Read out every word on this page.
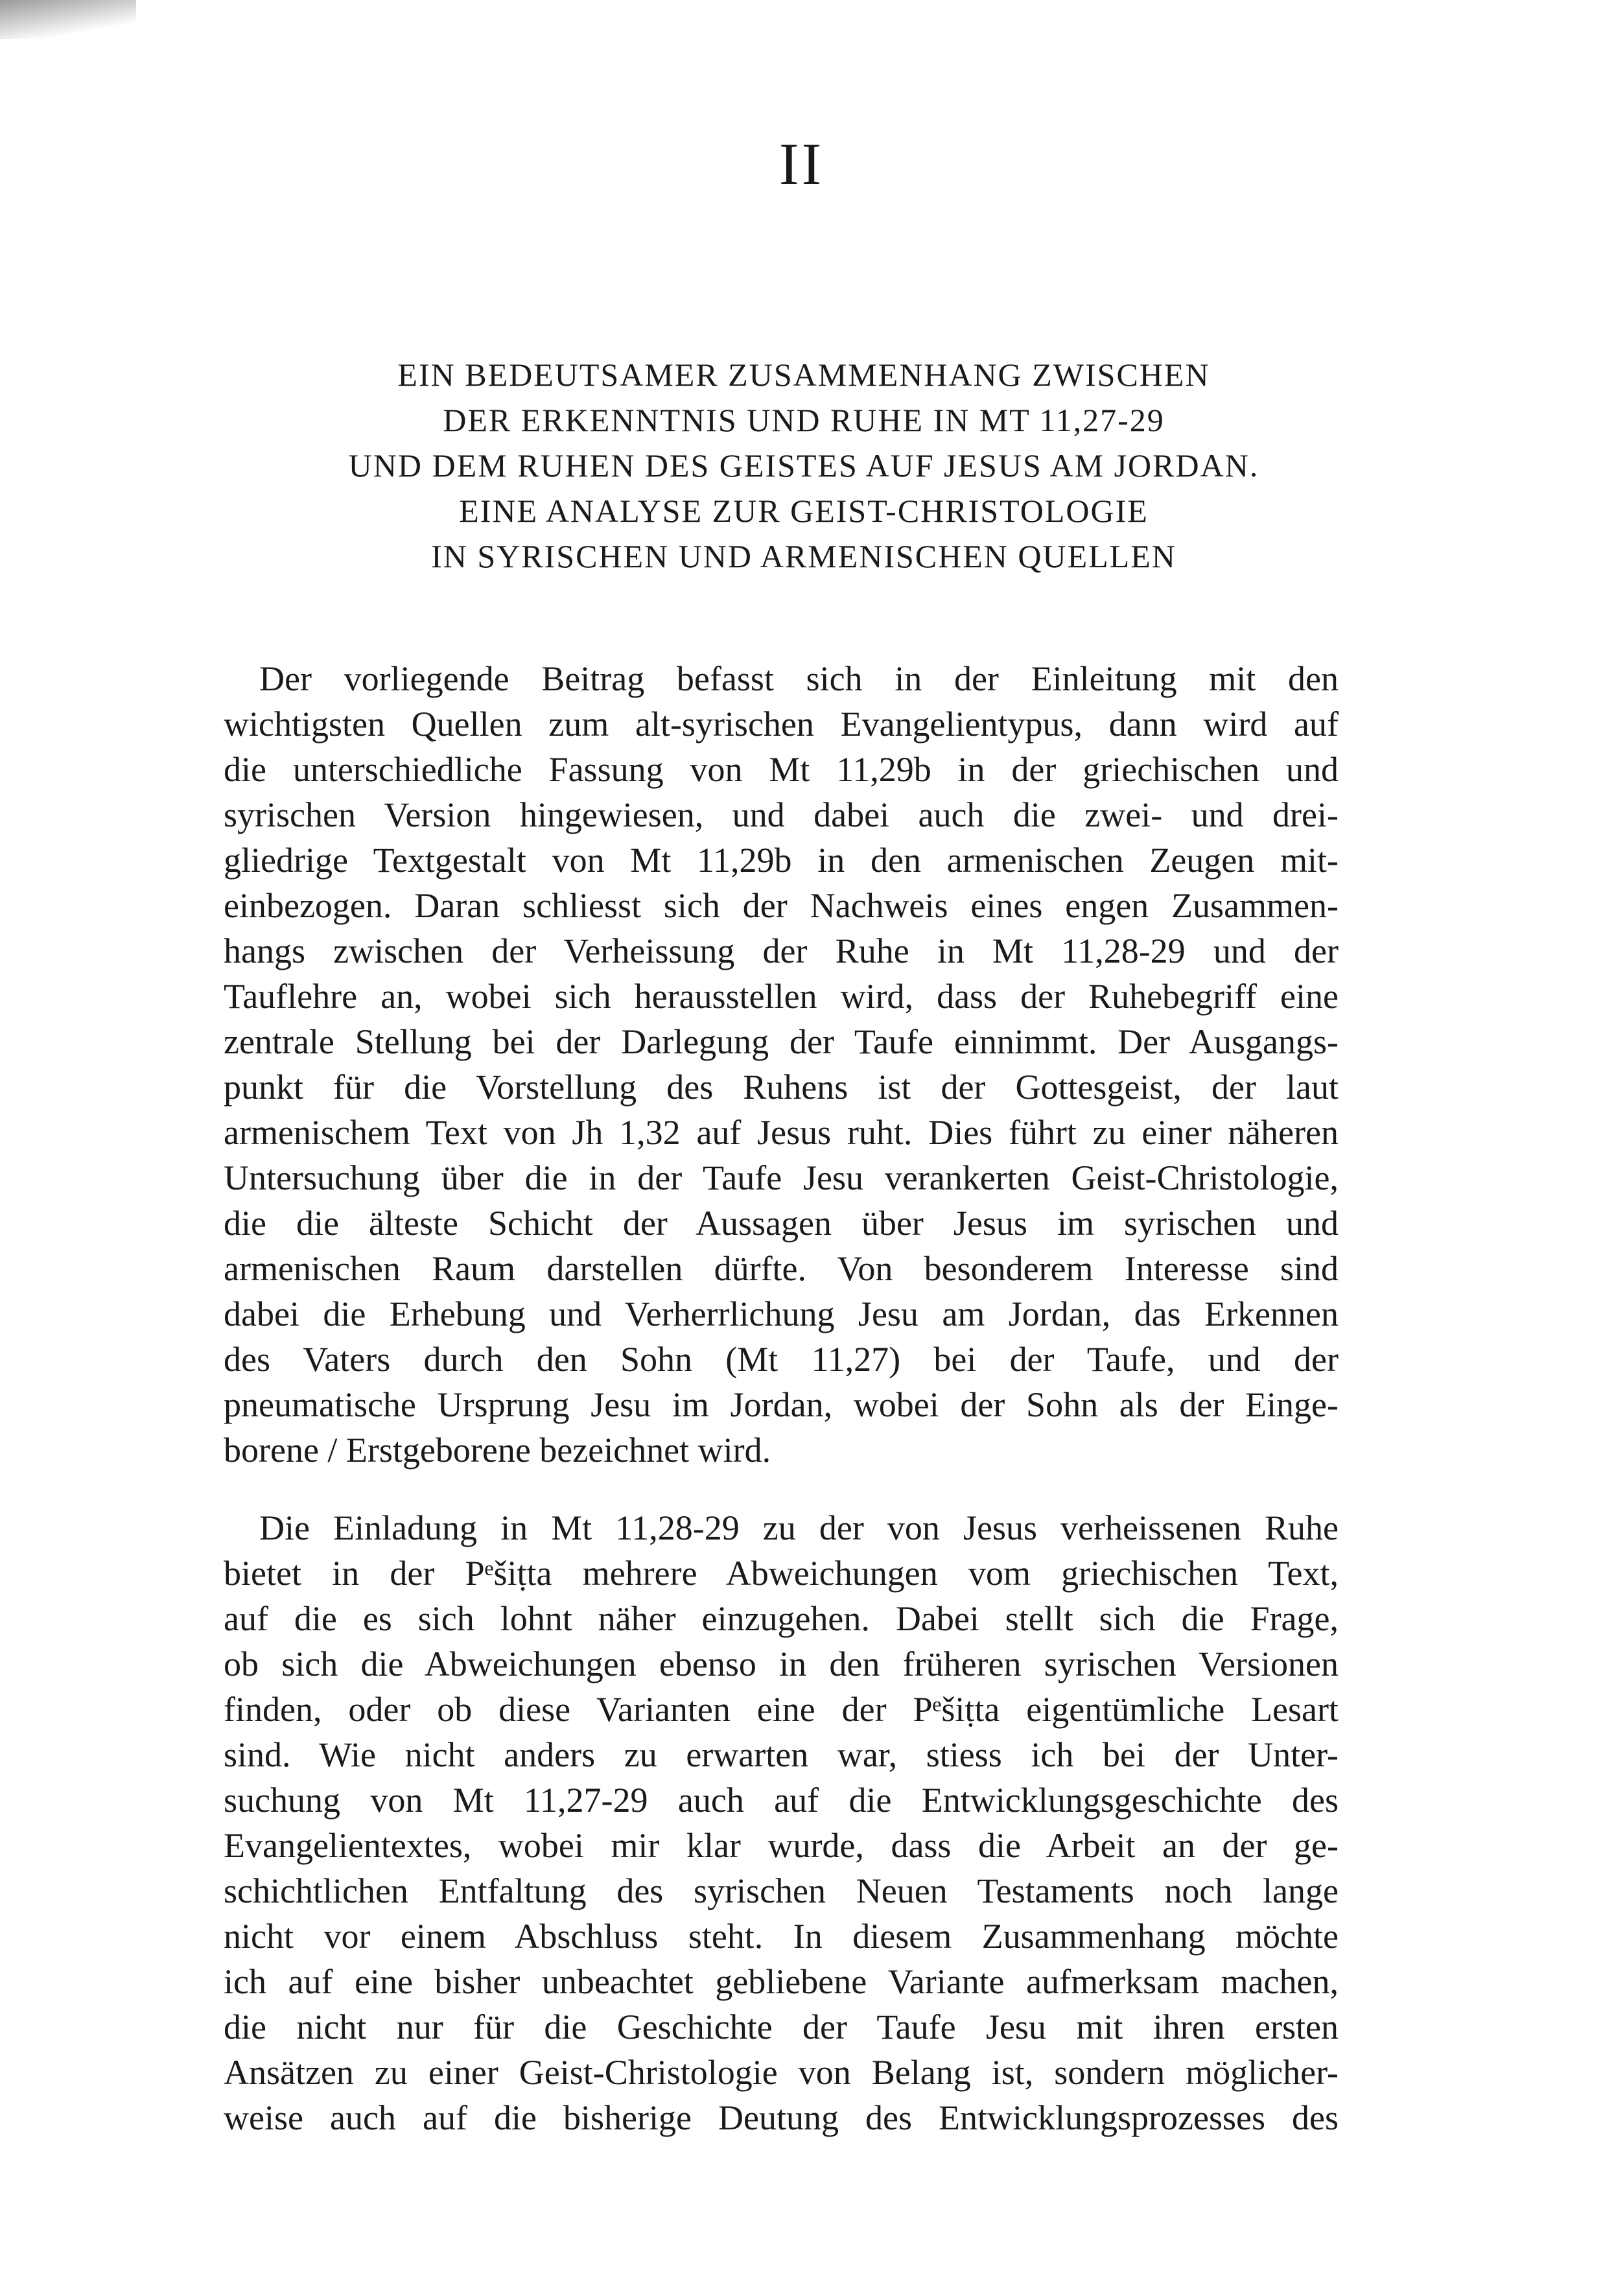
II
EIN BEDEUTSAMER ZUSAMMENHANG ZWISCHEN
DER ERKENNTNIS UND RUHE IN MT 11,27-29
UND DEM RUHEN DES GEISTES AUF JESUS AM JORDAN.
EINE ANALYSE ZUR GEIST-CHRISTOLOGIE
IN SYRISCHEN UND ARMENISCHEN QUELLEN
Der vorliegende Beitrag befasst sich in der Einleitung mit den
wichtigsten Quellen zum alt-syrischen Evangelientypus, dann wird auf
die unterschiedliche Fassung von Mt 11,29b in der griechischen und
syrischen Version hingewiesen, und dabei auch die zwei- und drei-
gliedrige Textgestalt von Mt 11,29b in den armenischen Zeugen mit-
einbezogen. Daran schliesst sich der Nachweis eines engen Zusammen-
hangs zwischen der Verheissung der Ruhe in Mt 11,28-29 und der
Tauflehre an, wobei sich herausstellen wird, dass der Ruhebegriff eine
zentrale Stellung bei der Darlegung der Taufe einnimmt. Der Ausgangs-
punkt für die Vorstellung des Ruhens ist der Gottesgeist, der laut
armenischem Text von Jh 1,32 auf Jesus ruht. Dies führt zu einer näheren
Untersuchung über die in der Taufe Jesu verankerten Geist-Christologie,
die die älteste Schicht der Aussagen über Jesus im syrischen und
armenischen Raum darstellen dürfte. Von besonderem Interesse sind
dabei die Erhebung und Verherrlichung Jesu am Jordan, das Erkennen
des Vaters durch den Sohn (Mt 11,27) bei der Taufe, und der
pneumatische Ursprung Jesu im Jordan, wobei der Sohn als der Einge-
borene / Erstgeborene bezeichnet wird.
Die Einladung in Mt 11,28-29 zu der von Jesus verheissenen Ruhe
bietet in der Pᵉšiṭta mehrere Abweichungen vom griechischen Text,
auf die es sich lohnt näher einzugehen. Dabei stellt sich die Frage,
ob sich die Abweichungen ebenso in den früheren syrischen Versionen
finden, oder ob diese Varianten eine der Pᵉšiṭta eigentümliche Lesart
sind. Wie nicht anders zu erwarten war, stiess ich bei der Unter-
suchung von Mt 11,27-29 auch auf die Entwicklungsgeschichte des
Evangelientextes, wobei mir klar wurde, dass die Arbeit an der ge-
schichtlichen Entfaltung des syrischen Neuen Testaments noch lange
nicht vor einem Abschluss steht. In diesem Zusammenhang möchte
ich auf eine bisher unbeachtet gebliebene Variante aufmerksam machen,
die nicht nur für die Geschichte der Taufe Jesu mit ihren ersten
Ansätzen zu einer Geist-Christologie von Belang ist, sondern möglicher-
weise auch auf die bisherige Deutung des Entwicklungsprozesses des
